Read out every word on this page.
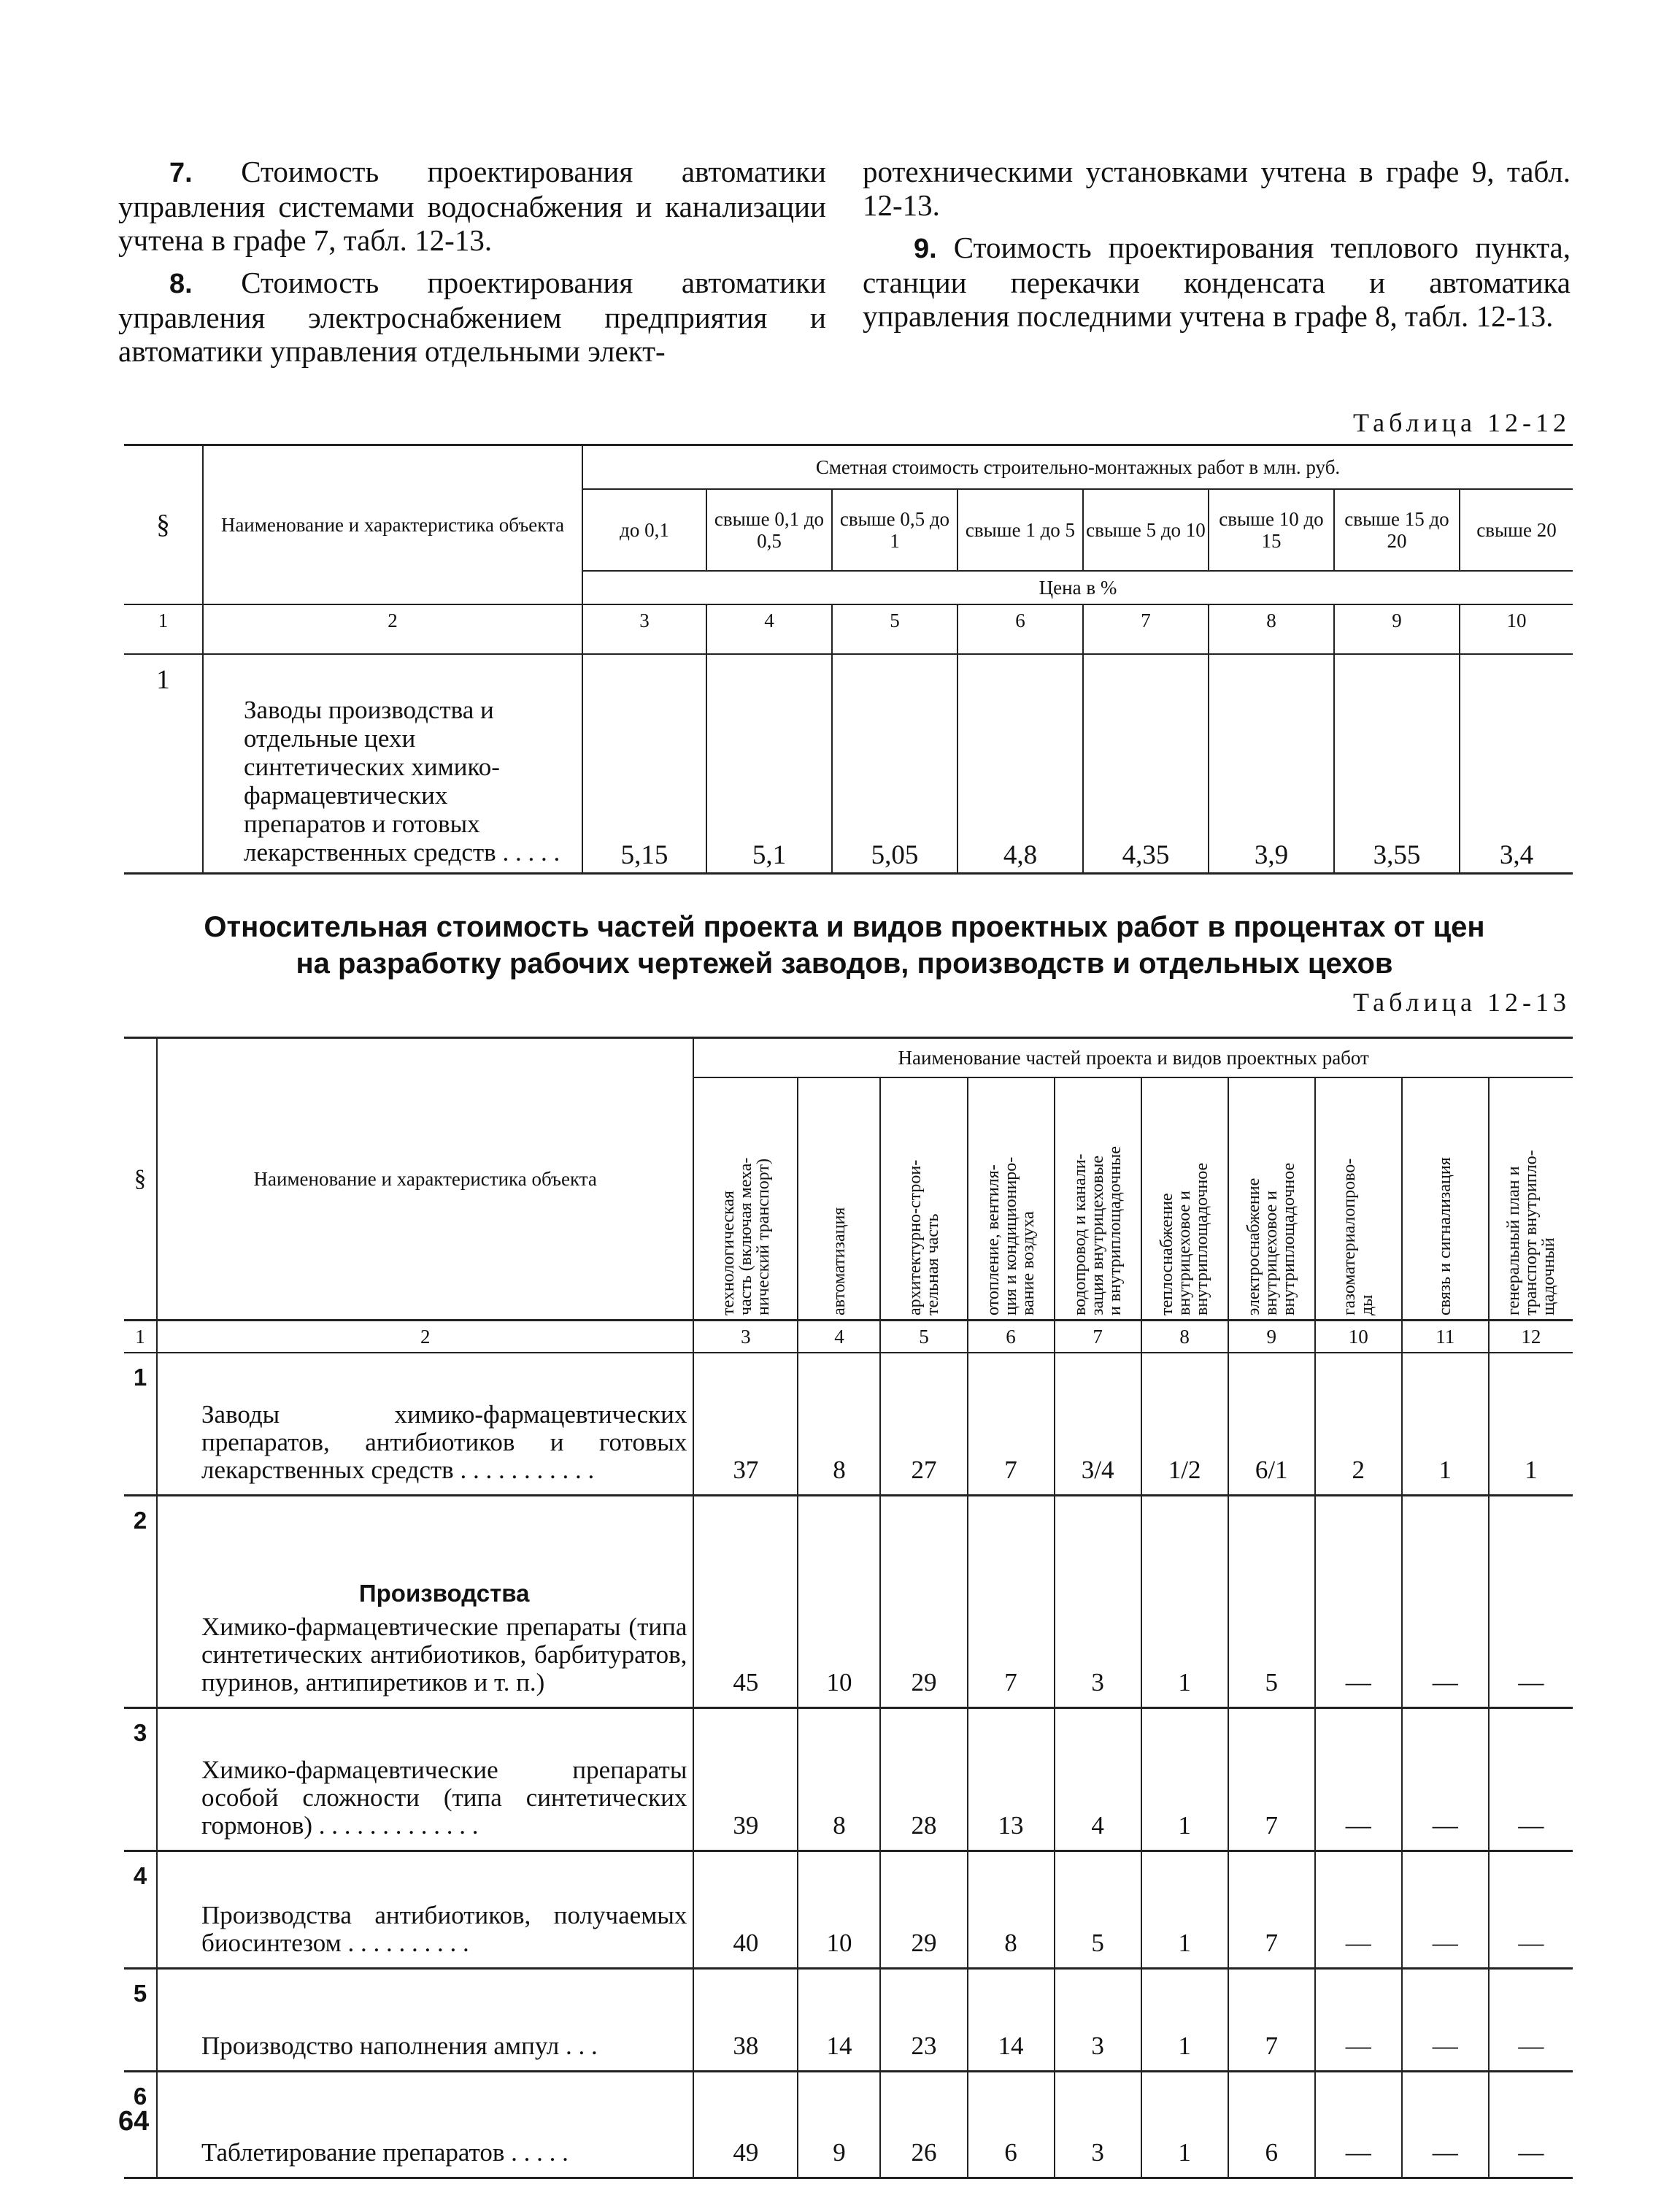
7. Стоимость проектирования автоматики управления системами водоснабжения и канализации учтена в графе 7, табл. 12-13.

8. Стоимость проектирования автоматики управления электроснабжением предприятия и автоматики управления отдельными элект-

ротехническими установками учтена в графе 9, табл. 12-13.

9. Стоимость проектирования теплового пункта, станции перекачки конденсата и автоматика управления последними учтена в графе 8, табл. 12-13.

Таблица 12-12
§	Наименование и характеристика объекта	Сметная стоимость строительно-монтажных работ в млн. руб.							
		до 0,1	свыше 0,1 до 0,5	свыше 0,5 до 1	свыше 1 до 5	свыше 5 до 10	свыше 10 до 15	свыше 15 до 20	свыше 20
		Цена в %							
1	2	3	4	5	6	7	8	9	10
1	Заводы производства и отдельные цехи синтетических химико-фармацевтических препаратов и готовых лекарственных средств . . . . .	5,15	5,1	5,05	4,8	4,35	3,9	3,55	3,4
Относительная стоимость частей проекта и видов проектных работ в процентах от цен
на разработку рабочих чертежей заводов, производств и отдельных цехов
Таблица 12-13
§	Наименование и характеристика объекта	Наименование частей проекта и видов проектных работ									
		технологическая
часть (включая меха-
нический транспорт)	автоматизация	архитектурно-строи-
тельная часть	отопление, вентиля-
ция и кондициониро-
вание воздуха	водопровод и канали-
зация внутрицеховые
и внутриплощадочные	теплоснабжение
внутрицеховое и
внутриплощадочное	электроснабжение
внутрицеховое и
внутриплощадочное	газоматериалопрово-
ды	связь и сигнализация	генеральный план и
транспорт внутрипло-
щадочный
1	2	3	4	5	6	7	8	9	10	11	12
1	Заводы химико-фармацевтических препаратов, антибиотиков и готовых лекарственных средств . . . . . . . . . . .	37	8	27	7	3/4	1/2	6/1	2	1	1
2	Производства
Химико-фармацевтические препараты (типа синтетических антибиотиков, барбитуратов, пуринов, антипиретиков и т. п.)	45	10	29	7	3	1	5	—	—	—
3	Химико-фармацевтические препараты особой сложности (типа синтетических гормонов) . . . . . . . . . . . . .	39	8	28	13	4	1	7	—	—	—
4	Производства антибиотиков, получаемых биосинтезом . . . . . . . . . .	40	10	29	8	5	1	7	—	—	—
5	Производство наполнения ампул . . .	38	14	23	14	3	1	7	—	—	—
6	Таблетирование препаратов . . . . .	49	9	26	6	3	1	6	—	—	—
64
